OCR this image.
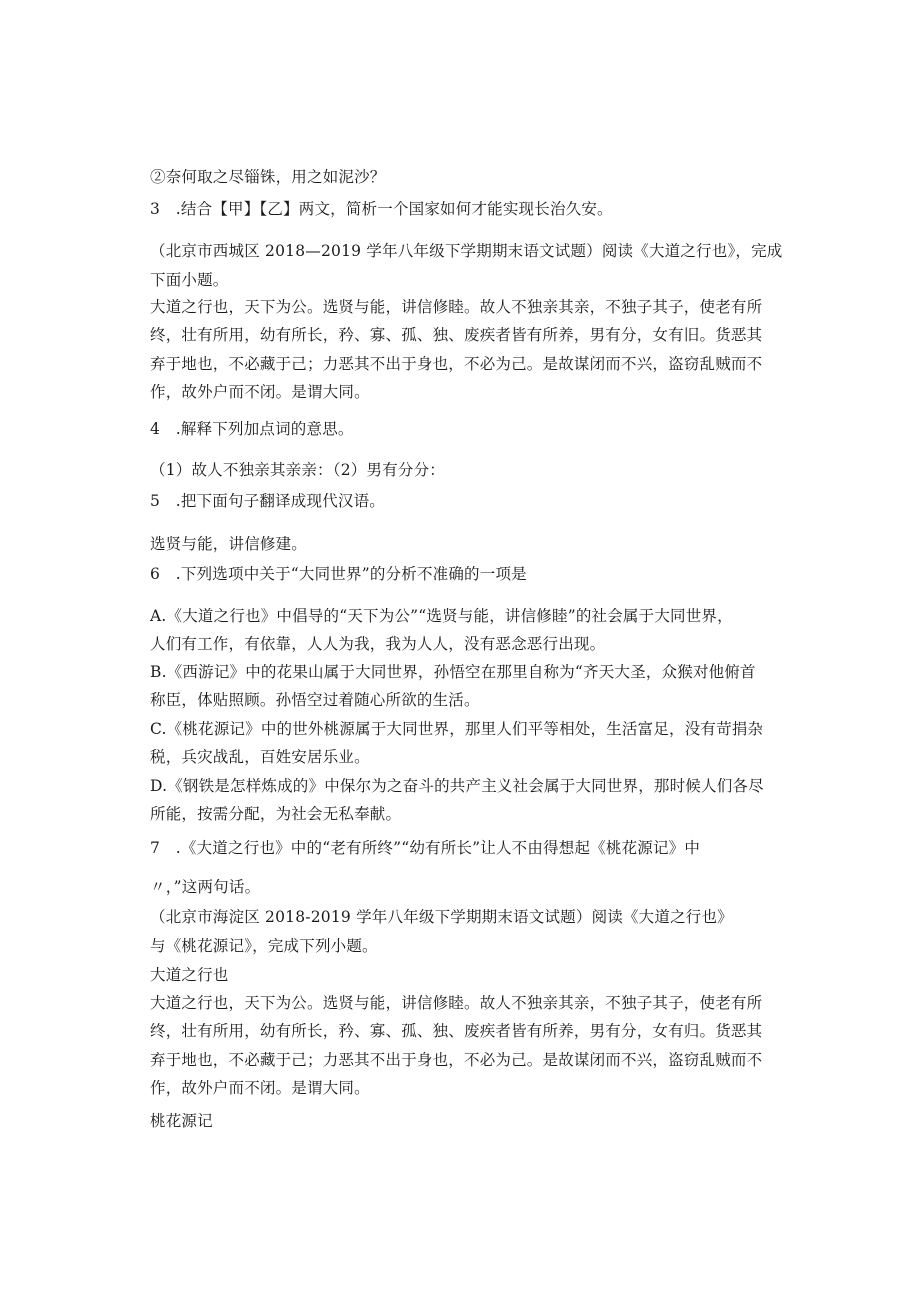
②奈何取之尽锱铢，用之如泥沙？
3　.结合【甲】【乙】两文，简析一个国家如何才能实现长治久安。
（北京市西城区 2018—2019 学年八年级下学期期末语文试题）阅读《大道之行也》，完成
下面小题。
大道之行也，天下为公。选贤与能，讲信修睦。故人不独亲其亲，不独子其子，使老有所
终，壮有所用，幼有所长，矜、寡、孤、独、废疾者皆有所养，男有分，女有旧。货恶其
弃于地也，不必藏于己；力恶其不出于身也，不必为己。是故谋闭而不兴，盗窃乱贼而不
作，故外户而不闭。是谓大同。
4　.解释下列加点词的意思。
（1）故人不独亲其亲亲：（2）男有分分：
5　.把下面句子翻译成现代汉语。
选贤与能，讲信修建。
6　.下列选项中关于“大同世界”的分析不准确的一项是
A.《大道之行也》中倡导的“天下为公”“选贤与能，讲信修睦”的社会属于大同世界，
人们有工作，有依靠，人人为我，我为人人，没有恶念恶行出现。
B.《西游记》中的花果山属于大同世界，孙悟空在那里自称为“齐天大圣，众猴对他俯首
称臣，体贴照顾。孙悟空过着随心所欲的生活。
C.《桃花源记》中的世外桃源属于大同世界，那里人们平等相处，生活富足，没有苛捐杂
税，兵灾战乱，百姓安居乐业。
D.《钢铁是怎样炼成的》中保尔为之奋斗的共产主义社会属于大同世界，那时候人们各尽
所能，按需分配，为社会无私奉献。
7　.《大道之行也》中的“老有所终”“幼有所长”让人不由得想起《桃花源记》中
〃，”这两句话。
（北京市海淀区 2018-2019 学年八年级下学期期末语文试题）阅读《大道之行也》
与《桃花源记》，完成下列小题。
大道之行也
大道之行也，天下为公。选贤与能，讲信修睦。故人不独亲其亲，不独子其子，使老有所
终，壮有所用，幼有所长，矜、寡、孤、独、废疾者皆有所养，男有分，女有归。货恶其
弃于地也，不必藏于己；力恶其不出于身也，不必为己。是故谋闭而不兴，盗窃乱贼而不
作，故外户而不闭。是谓大同。
桃花源记
